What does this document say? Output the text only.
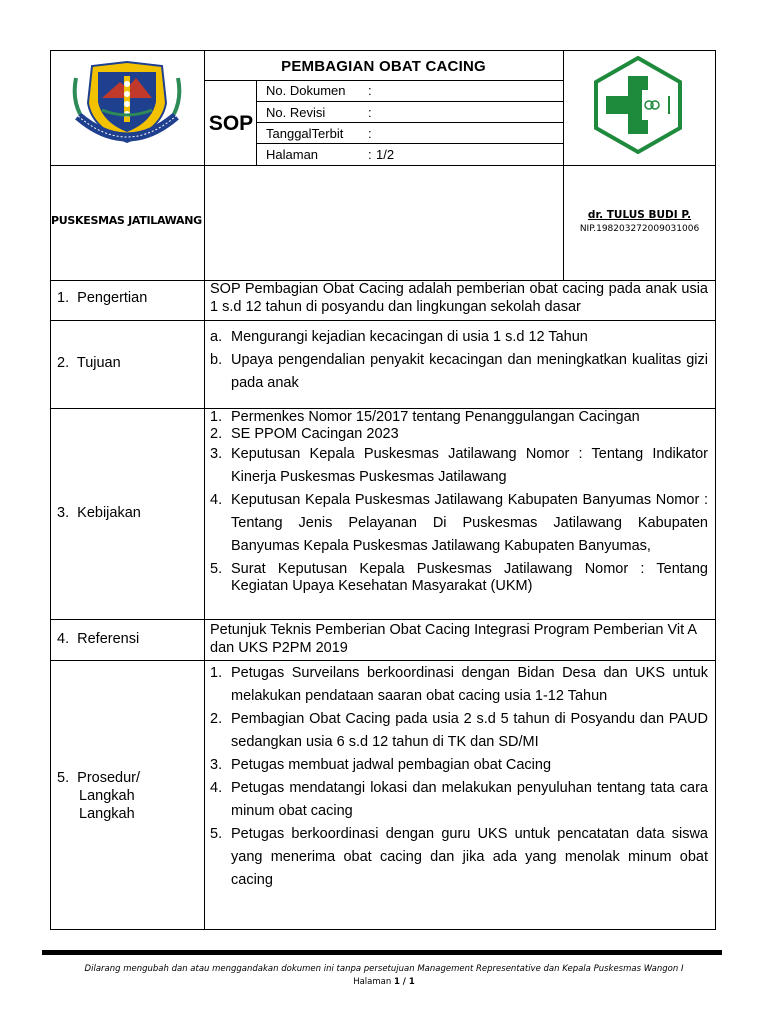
PEMBAGIAN OBAT CACING
SOP
No. Dokumen :
No. Revisi	:
TanggalTerbit :
Halaman	: 1/2
PUSKESMAS JATILAWANG	dr. TULUS BUDI P.
NIP.198203272009031006
1.  Pengertian
SOP Pembagian Obat Cacing adalah pemberian obat cacing pada anak usia 1 s.d 12 tahun di posyandu dan lingkungan sekolah dasar
2.  Tujuan
a. Mengurangi kejadian kecacingan di usia 1 s.d 12 Tahun
b. Upaya pengendalian penyakit kecacingan dan meningkatkan kualitas gizi pada anak
3.  Kebijakan
1. Permenkes Nomor 15/2017 tentang Penanggulangan Cacingan
2. SE PPOM Cacingan 2023
3. Keputusan Kepala Puskesmas Jatilawang Nomor : Tentang Indikator Kinerja Puskesmas Puskesmas Jatilawang
4. Keputusan Kepala Puskesmas Jatilawang Kabupaten Banyumas Nomor : Tentang Jenis Pelayanan Di Puskesmas Jatilawang Kabupaten Banyumas Kepala Puskesmas Jatilawang Kabupaten Banyumas,
5. Surat Keputusan Kepala Puskesmas Jatilawang Nomor : Tentang Kegiatan Upaya Kesehatan Masyarakat (UKM)
4.  Referensi
Petunjuk Teknis Pemberian Obat Cacing Integrasi Program Pemberian Vit A dan UKS P2PM 2019
5.  Prosedur/
Langkah
Langkah
1. Petugas Surveilans berkoordinasi dengan Bidan Desa dan UKS untuk melakukan pendataan saaran obat cacing usia 1-12 Tahun
2. Pembagian Obat Cacing pada usia 2 s.d 5 tahun di Posyandu dan PAUD sedangkan usia 6 s.d 12 tahun di TK dan SD/MI
3. Petugas membuat jadwal pembagian obat Cacing
4. Petugas mendatangi lokasi dan melakukan penyuluhan tentang tata cara minum obat cacing
5. Petugas berkoordinasi dengan guru UKS untuk pencatatan data siswa yang menerima obat cacing dan jika ada yang menolak minum obat cacing
Dilarang mengubah dan atau menggandakan dokumen ini tanpa persetujuan Management Representative dan Kepala Puskesmas Wangon I
Halaman 1 / 1
